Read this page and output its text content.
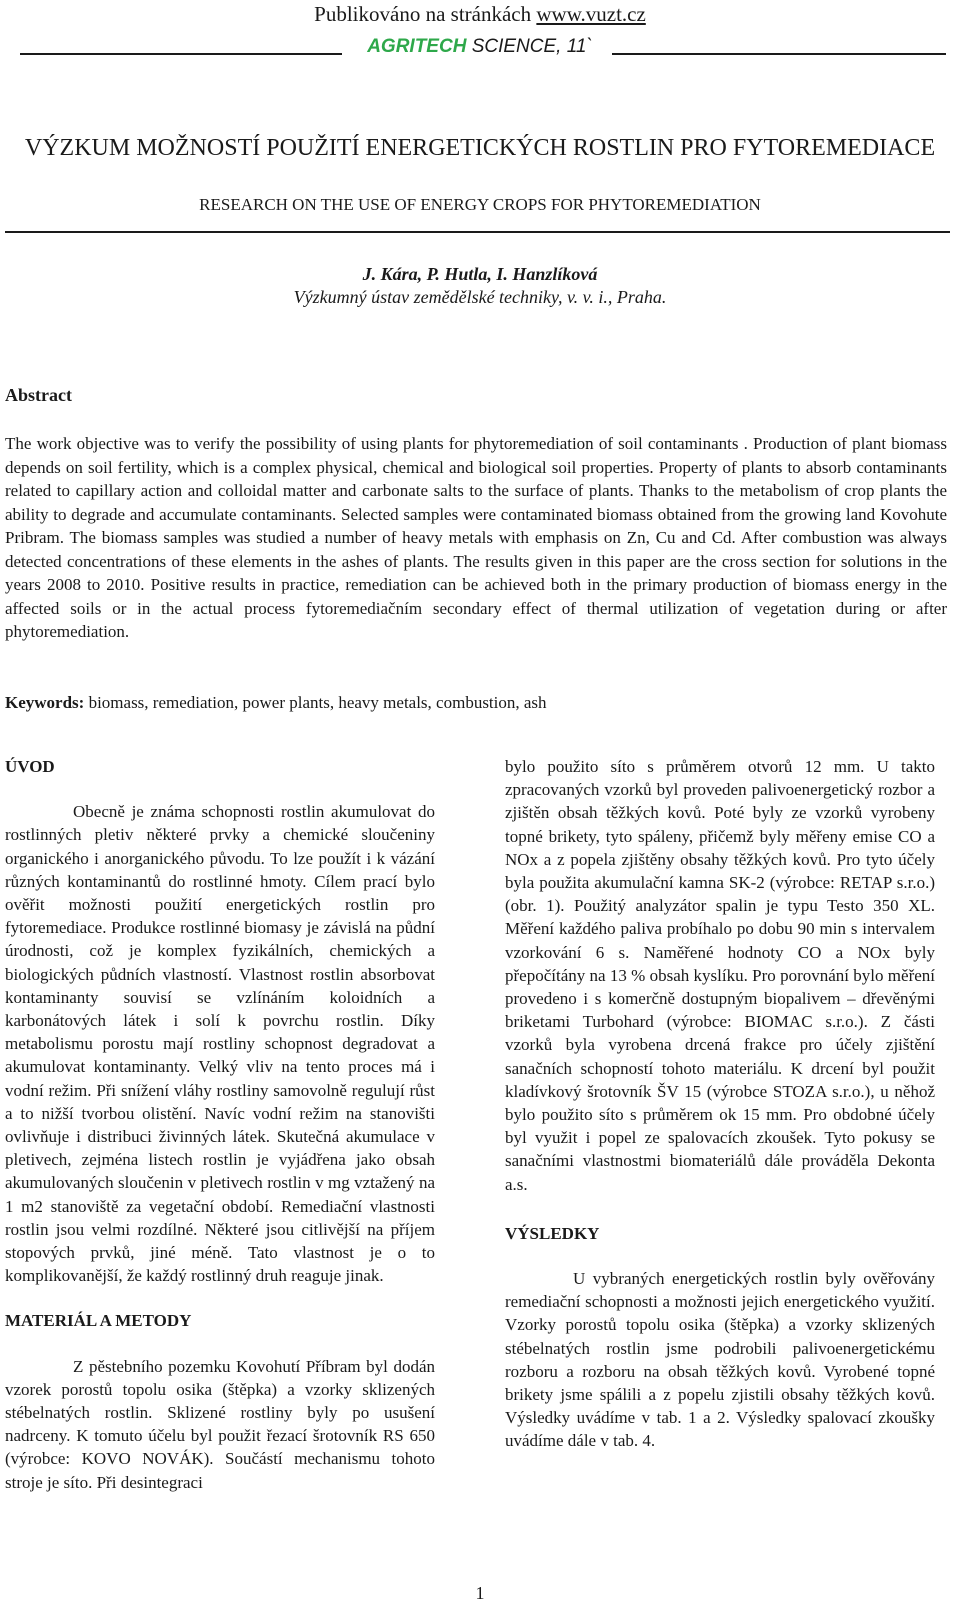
Publikováno na stránkách www.vuzt.cz
AGRITECH SCIENCE, 11`
VÝZKUM MOŽNOSTÍ POUŽITÍ ENERGETICKÝCH ROSTLIN PRO FYTOREMEDIACE
RESEARCH ON THE USE OF ENERGY CROPS FOR PHYTOREMEDIATION
J. Kára, P. Hutla, I. Hanzlíková
Výzkumný ústav zemědělské techniky, v. v. i., Praha.
Abstract
The work objective was to verify the possibility of using plants for phytoremediation of soil contaminants . Production of plant biomass depends on soil fertility, which is a complex physical, chemical and biological soil properties. Property of plants to absorb contaminants related to capillary action and colloidal matter and carbonate salts to the surface of plants. Thanks to the metabolism of crop plants the ability to degrade and accumulate contaminants. Selected samples were contaminated biomass obtained from the growing land Kovohute Pribram. The biomass samples was studied a number of heavy metals with emphasis on Zn, Cu and Cd. After combustion was always detected concentrations of these elements in the ashes of plants. The results given in this paper are the cross section for solutions in the years 2008 to 2010. Positive results in practice, remediation can be achieved both in the primary production of biomass energy in the affected soils or in the actual process fytoremediačním secondary effect of thermal utilization of vegetation during or after phytoremediation.
Keywords: biomass, remediation, power plants, heavy metals, combustion, ash
ÚVOD

Obecně je známa schopnosti rostlin akumulovat do rostlinných pletiv některé prvky a chemické sloučeniny organického i anorganického původu. To lze použít i k vázání různých kontaminantů do rostlinné hmoty. Cílem prací bylo ověřit možnosti použití energetických rostlin pro fytoremediace. Produkce rostlinné biomasy je závislá na půdní úrodnosti, což je komplex fyzikálních, chemických a biologických půdních vlastností. Vlastnost rostlin absorbovat kontaminanty souvisí se vzlínáním koloidních a karbonátových látek i solí k povrchu rostlin. Díky metabolismu porostu mají rostliny schopnost degradovat a akumulovat kontaminanty. Velký vliv na tento proces má i vodní režim. Při snížení vláhy rostliny samovolně regulují růst a to nižší tvorbou olistění. Navíc vodní režim na stanovišti ovlivňuje i distribuci živinných látek. Skutečná akumulace v pletivech, zejména listech rostlin je vyjádřena jako obsah akumulovaných sloučenin v pletivech rostlin v mg vztažený na 1 m2 stanoviště za vegetační období. Remediační vlastnosti rostlin jsou velmi rozdílné. Některé jsou citlivější na příjem stopových prvků, jiné méně. Tato vlastnost je o to komplikovanější, že každý rostlinný druh reaguje jinak.

MATERIÁL A METODY

Z pěstebního pozemku Kovohutí Příbram byl dodán vzorek porostů topolu osika (štěpka) a vzorky sklizených stébelnatých rostlin. Sklizené rostliny byly po usušení nadrceny. K tomuto účelu byl použit řezací šrotovník RS 650 (výrobce: KOVO NOVÁK). Součástí mechanismu tohoto stroje je síto. Při desintegraci

bylo použito síto s průměrem otvorů 12 mm. U takto zpracovaných vzorků byl proveden palivoenergetický rozbor a zjištěn obsah těžkých kovů. Poté byly ze vzorků vyrobeny topné brikety, tyto spáleny, přičemž byly měřeny emise CO a NOx a z popela zjištěny obsahy těžkých kovů. Pro tyto účely byla použita akumulační kamna SK-2 (výrobce: RETAP s.r.o.) (obr. 1). Použitý analyzátor spalin je typu Testo 350 XL. Měření každého paliva probíhalo po dobu 90 min s intervalem vzorkování 6 s. Naměřené hodnoty CO a NOx byly přepočítány na 13 % obsah kyslíku. Pro porovnání bylo měření provedeno i s komerčně dostupným biopalivem – dřevěnými briketami Turbohard (výrobce: BIOMAC s.r.o.). Z části vzorků byla vyrobena drcená frakce pro účely zjištění sanačních schopností tohoto materiálu. K drcení byl použit kladívkový šrotovník ŠV 15 (výrobce STOZA s.r.o.), u něhož bylo použito síto s průměrem ok 15 mm. Pro obdobné účely byl využit i popel ze spalovacích zkoušek. Tyto pokusy se sanačními vlastnostmi biomateriálů dále prováděla Dekonta a.s.

VÝSLEDKY

U vybraných energetických rostlin byly ověřovány remediační schopnosti a možnosti jejich energetického využití. Vzorky porostů topolu osika (štěpka) a vzorky sklizených stébelnatých rostlin jsme podrobili palivoenergetickému rozboru a rozboru na obsah těžkých kovů. Vyrobené topné brikety jsme spálili a z popelu zjistili obsahy těžkých kovů. Výsledky uvádíme v tab. 1 a 2. Výsledky spalovací zkoušky uvádíme dále v tab. 4.

1
